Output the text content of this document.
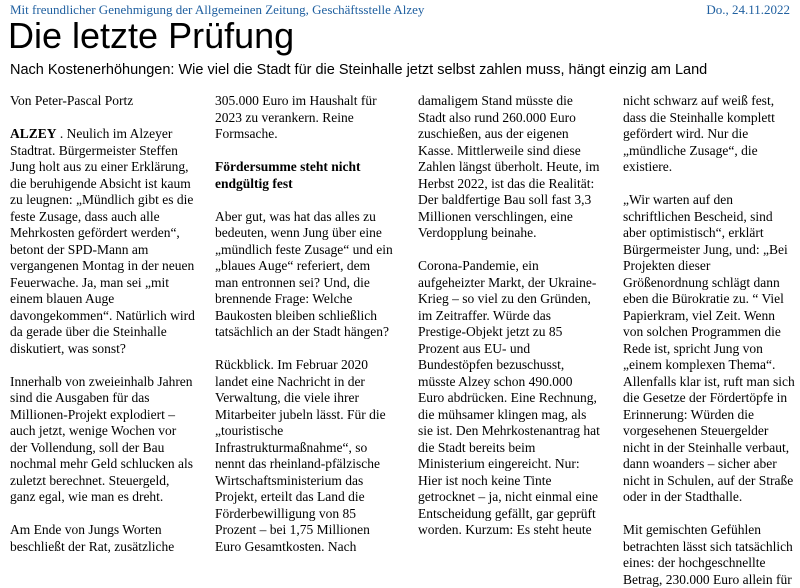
Mit freundlicher Genehmigung der Allgemeinen Zeitung, Geschäftsstelle Alzey	Do., 24.11.2022
Die letzte Prüfung
Nach Kostenerhöhungen: Wie viel die Stadt für die Steinhalle jetzt selbst zahlen muss, hängt einzig am Land
Von Peter-Pascal Portz

ALZEY . Neulich im Alzeyer Stadtrat. Bürgermeister Steffen Jung holt aus zu einer Erklärung, die beruhigende Absicht ist kaum zu leugnen: „Mündlich gibt es die feste Zusage, dass auch alle Mehrkosten gefördert werden“, betont der SPD-Mann am vergangenen Montag in der neuen Feuerwache. Ja, man sei „mit einem blauen Auge davongekommen“. Natürlich wird da gerade über die Steinhalle diskutiert, was sonst?

Innerhalb von zweieinhalb Jahren sind die Ausgaben für das Millionen-Projekt explodiert – auch jetzt, wenige Wochen vor der Vollendung, soll der Bau nochmal mehr Geld schlucken als zuletzt berechnet. Steuergeld, ganz egal, wie man es dreht.

Am Ende von Jungs Worten beschließt der Rat, zusätzliche

305.000 Euro im Haushalt für 2023 zu verankern. Reine Formsache.

Fördersumme steht nicht endgültig fest

Aber gut, was hat das alles zu bedeuten, wenn Jung über eine „mündlich feste Zusage“ und ein „blaues Auge“ referiert, dem man entronnen sei? Und, die brennende Frage: Welche Baukosten bleiben schließlich tatsächlich an der Stadt hängen?

Rückblick. Im Februar 2020 landet eine Nachricht in der Verwaltung, die viele ihrer Mitarbeiter jubeln lässt. Für die „touristische Infrastrukturmaßnahme“, so nennt das rheinland-pfälzische Wirtschaftsministerium das Projekt, erteilt das Land die Förderbewilligung von 85 Prozent – bei 1,75 Millionen Euro Gesamtkosten. Nach

damaligem Stand müsste die Stadt also rund 260.000 Euro zuschießen, aus der eigenen Kasse. Mittlerweile sind diese Zahlen längst überholt. Heute, im Herbst 2022, ist das die Realität: Der baldfertige Bau soll fast 3,3 Millionen verschlingen, eine Verdopplung beinahe.

Corona-Pandemie, ein aufgeheizter Markt, der Ukraine-Krieg – so viel zu den Gründen, im Zeitraffer. Würde das Prestige-Objekt jetzt zu 85 Prozent aus EU- und Bundestöpfen bezuschusst, müsste Alzey schon 490.000 Euro abdrücken. Eine Rechnung, die mühsamer klingen mag, als sie ist. Den Mehrkostenantrag hat die Stadt bereits beim Ministerium eingereicht. Nur: Hier ist noch keine Tinte getrocknet – ja, nicht einmal eine Entscheidung gefällt, gar geprüft worden. Kurzum: Es steht heute

nicht schwarz auf weiß fest, dass die Steinhalle komplett gefördert wird. Nur die „mündliche Zusage“, die existiere.

„Wir warten auf den schriftlichen Bescheid, sind aber optimistisch“, erklärt Bürgermeister Jung, und: „Bei Projekten dieser Größenordnung schlägt dann eben die Bürokratie zu. “ Viel Papierkram, viel Zeit. Wenn von solchen Programmen die Rede ist, spricht Jung von „einem komplexen Thema“. Allenfalls klar ist, ruft man sich die Gesetze der Fördertöpfe in Erinnerung: Würden die vorgesehenen Steuergelder nicht in der Steinhalle verbaut, dann woanders – sicher aber nicht in Schulen, auf der Straße oder in der Stadthalle.

Mit gemischten Gefühlen betrachten lässt sich tatsächlich eines: der hochgeschnellte Betrag, 230.000 Euro allein für
